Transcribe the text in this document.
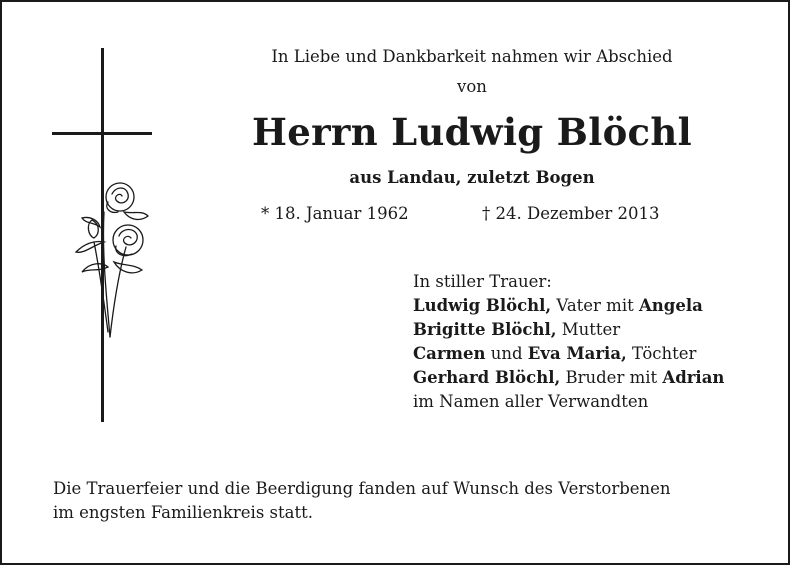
In Liebe und Dankbarkeit nahmen wir Abschied
von
Herrn Ludwig Blöchl
aus Landau, zuletzt Bogen
* 18. Januar 1962	† 24. Dezember 2013
In stiller Trauer:
Ludwig Blöchl, Vater mit Angela
Brigitte Blöchl, Mutter
Carmen und Eva Maria, Töchter
Gerhard Blöchl, Bruder mit Adrian
im Namen aller Verwandten
Die Trauerfeier und die Beerdigung fanden auf Wunsch des Verstorbenen
im engsten Familienkreis statt.
